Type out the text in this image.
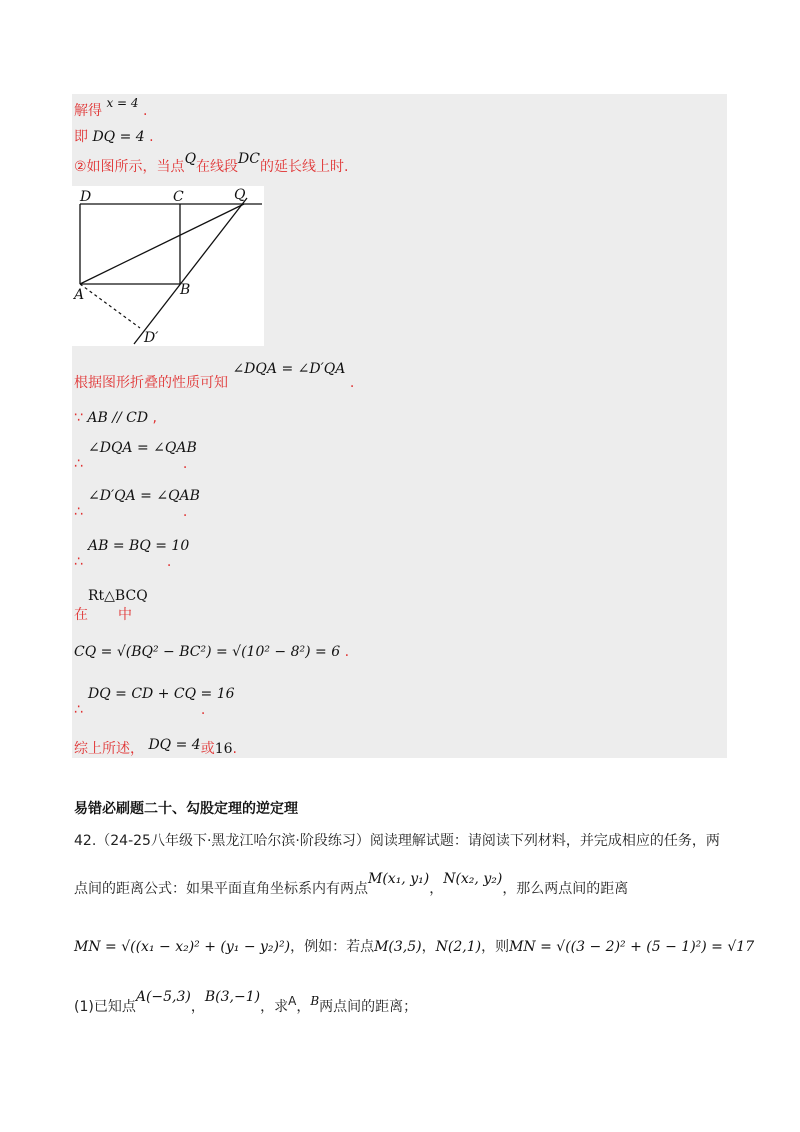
解得 x = 4 .
即 DQ = 4 .
②如图所示，当点Q在线段DC的延长线上时.
D	C	Q
A	B
D′
根据图形折叠的性质可知 ∠DQA = ∠D′QA .
∵ AB // CD ,
∠DQA = ∠QAB
∴	.
∠D′QA = ∠QAB
∴	.
AB = BQ = 10
∴	.
Rt△BCQ
在 中
CQ = √(BQ² − BC²) = √(10² − 8²) = 6 .
DQ = CD + CQ = 16
∴	.
综上所述， DQ = 4或16.
易错必刷题二十、勾股定理的逆定理
42.（24-25八年级下·黑龙江哈尔滨·阶段练习）阅读理解试题：请阅读下列材料，并完成相应的任务，两
点间的距离公式：如果平面直角坐标系内有两点M(x₁, y₁)，N(x₂, y₂)，那么两点间的距离
MN = √((x₁ − x₂)² + (y₁ − y₂)²)，例如：若点M(3,5)，N(2,1)，则MN = √((3 − 2)² + (5 − 1)²) = √17
(1)已知点A(−5,3)，B(3,−1)，求A，B两点间的距离；
